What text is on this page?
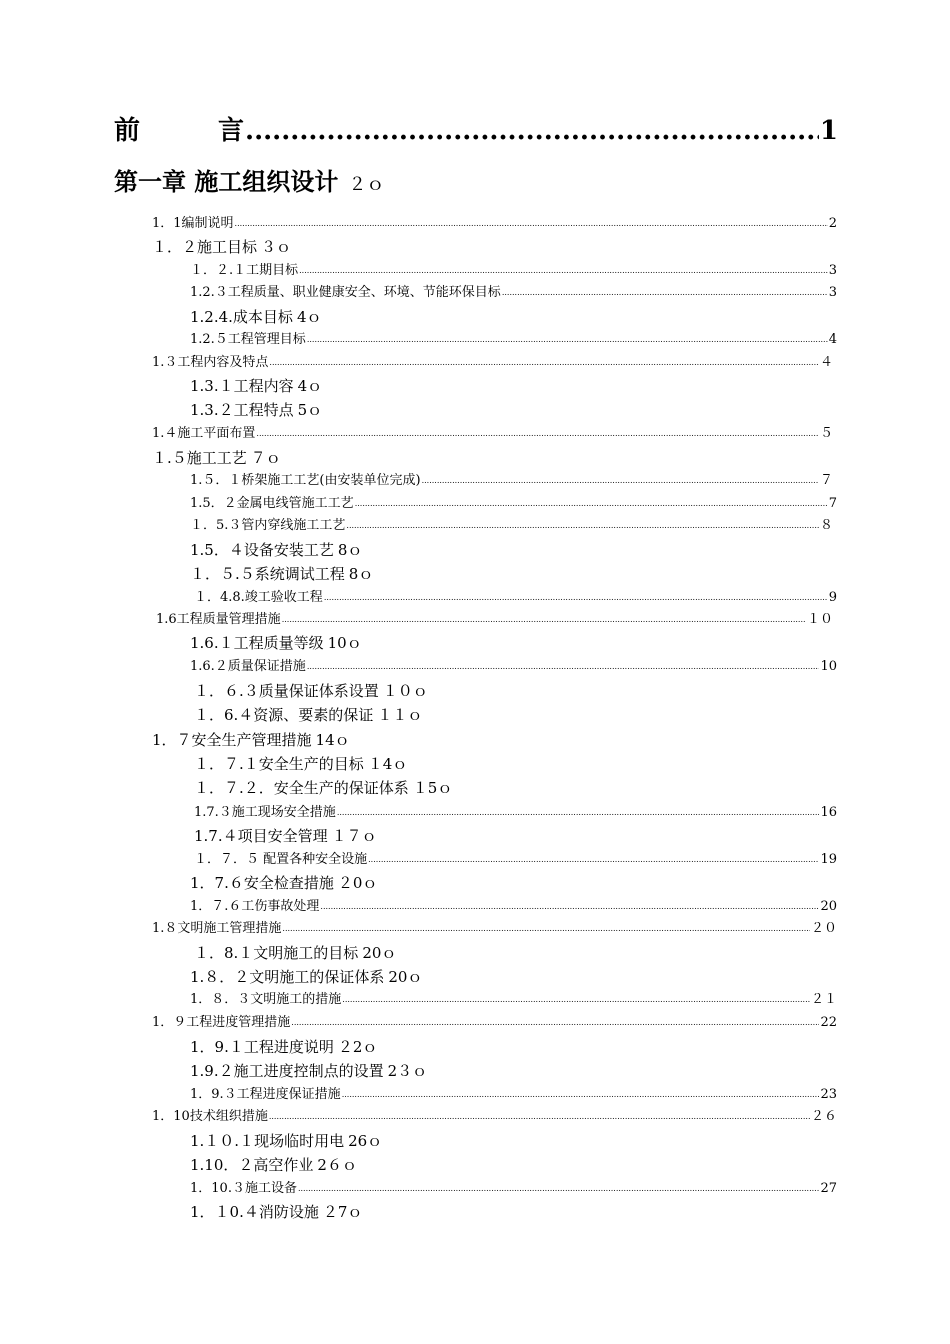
前　　　言 .....	1
第一章 施工组织设计 ２ｏ
1．1编制说明 .....	2
１．２施工目标 ３ｏ
１．２.１工期目标 .....	3
1.2.３工程质量、职业健康安全、环境、节能环保目标 .....	3
1.2.4.成本目标 4ｏ
1.2.５工程管理目标 .....	4
1.３工程内容及特点 .....	４
1.3.１工程内容 4ｏ
1.3.２工程特点 5ｏ
1.４施工平面布置 .....	５
１.５施工工艺 ７ｏ
1.５．１桥架施工工艺(由安装单位完成) .....	７
1.5．２金属电线管施工工艺 .....	7
１．5.３管内穿线施工工艺 .....	８
1.5．４设备安装工艺 8ｏ
１．５.５系统调试工程 8ｏ
１．4.8.竣工验收工程 .....	9
1.6工程质量管理措施 .....	１０
1.6.１工程质量等级 10ｏ
1.6.２质量保证措施 .....	10
１．６.３质量保证体系设置 １０ｏ
１．6.４资源、要素的保证 １１ｏ
1．７安全生产管理措施 14ｏ
１．７.１安全生产的目标 １4ｏ
１．７.２．安全生产的保证体系 １5ｏ
1.7.３施工现场安全措施 .....	16
1.7.４项目安全管理 １７ｏ
１．７．５ 配置各种安全设施 .....	19
1．7.６安全检查措施 ２0ｏ
1．７.６工伤事故处理 .....	20
1.８文明施工管理措施 .....	２０
１．8.１文明施工的目标 20ｏ
1.８．２文明施工的保证体系 20ｏ
1．８．３文明施工的措施 .....	２１
1．９工程进度管理措施 .....	22
1．9.１工程进度说明 ２2ｏ
1.9.２施工进度控制点的设置 2３ｏ
1．9.３工程进度保证措施 .....	23
1．10技术组织措施 .....	２６
1.１０.１现场临时用电 26ｏ
1.10．２高空作业 2６ｏ
1．10.３施工设备 .....	27
1．１0.４消防设施 ２7ｏ
